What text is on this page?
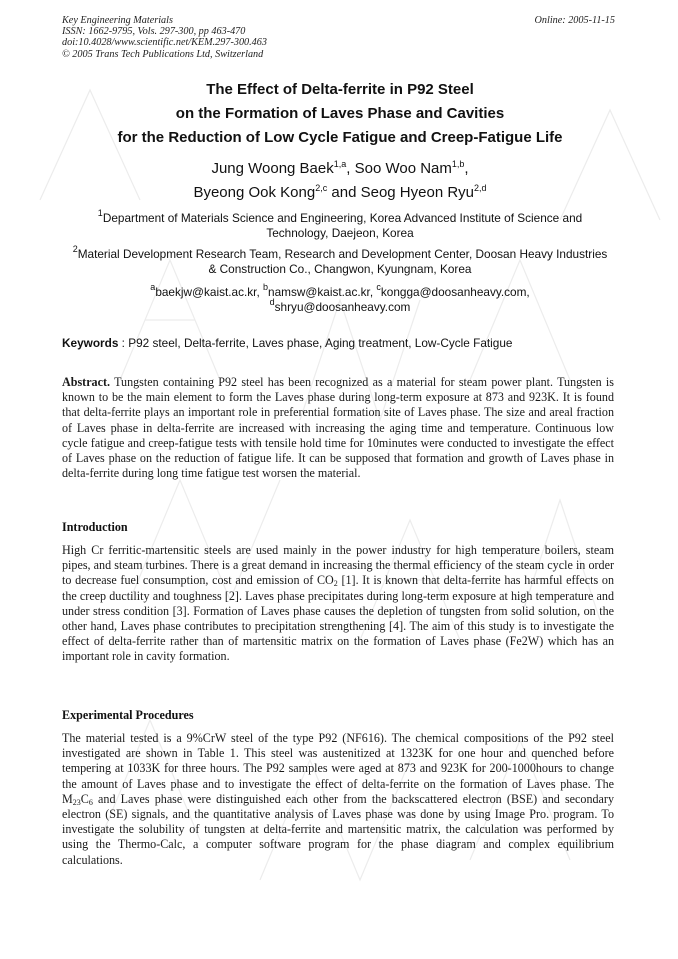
Key Engineering Materials
ISSN: 1662-9795, Vols. 297-300, pp 463-470
doi:10.4028/www.scientific.net/KEM.297-300.463
© 2005 Trans Tech Publications Ltd, Switzerland
Online: 2005-11-15
The Effect of Delta-ferrite in P92 Steel
on the Formation of Laves Phase and Cavities
for the Reduction of Low Cycle Fatigue and Creep-Fatigue Life
Jung Woong Baek$^{1,a}$, Soo Woo Nam$^{1,b}$,
Byeong Ook Kong$^{2,c}$ and Seog Hyeon Ryu$^{2,d}$
$^1$Department of Materials Science and Engineering, Korea Advanced Institute of Science and Technology, Daejeon, Korea
$^2$Material Development Research Team, Research and Development Center, Doosan Heavy Industries & Construction Co., Changwon, Kyungnam, Korea
$^a$baekjw@kaist.ac.kr, $^b$namsw@kaist.ac.kr, $^c$kongga@doosanheavy.com,
$^d$shryu@doosanheavy.com
Keywords : P92 steel, Delta-ferrite, Laves phase, Aging treatment, Low-Cycle Fatigue
Abstract. Tungsten containing P92 steel has been recognized as a material for steam power plant. Tungsten is known to be the main element to form the Laves phase during long-term exposure at 873 and 923K. It is found that delta-ferrite plays an important role in preferential formation site of Laves phase. The size and areal fraction of Laves phase in delta-ferrite are increased with increasing the aging time and temperature. Continuous low cycle fatigue and creep-fatigue tests with tensile hold time for 10minutes were conducted to investigate the effect of Laves phase on the reduction of fatigue life. It can be supposed that formation and growth of Laves phase in delta-ferrite during long time fatigue test worsen the material.
Introduction
High Cr ferritic-martensitic steels are used mainly in the power industry for high temperature boilers, steam pipes, and steam turbines. There is a great demand in increasing the thermal efficiency of the steam cycle in order to decrease fuel consumption, cost and emission of $CO_2$ [1]. It is known that delta-ferrite has harmful effects on the creep ductility and toughness [2]. Laves phase precipitates during long-term exposure at high temperature and under stress condition [3]. Formation of Laves phase causes the depletion of tungsten from solid solution, on the other hand, Laves phase contributes to precipitation strengthening [4]. The aim of this study is to investigate the effect of delta-ferrite rather than of martensitic matrix on the formation of Laves phase (Fe2W) which has an important role in cavity formation.
Experimental Procedures
The material tested is a 9%CrW steel of the type P92 (NF616). The chemical compositions of the P92 steel investigated are shown in Table 1. This steel was austenitized at 1323K for one hour and quenched before tempering at 1033K for three hours. The P92 samples were aged at 873 and 923K for 200-1000hours to change the amount of Laves phase and to investigate the effect of delta-ferrite on the formation of Laves phase. The $M_{23}C_6$ and Laves phase were distinguished each other from the backscattered electron (BSE) and secondary electron (SE) signals, and the quantitative analysis of Laves phase was done by using Image Pro. program. To investigate the solubility of tungsten at delta-ferrite and martensitic matrix, the calculation was performed by using the Thermo-Calc, a computer software program for the phase diagram and complex equilibrium calculations.
